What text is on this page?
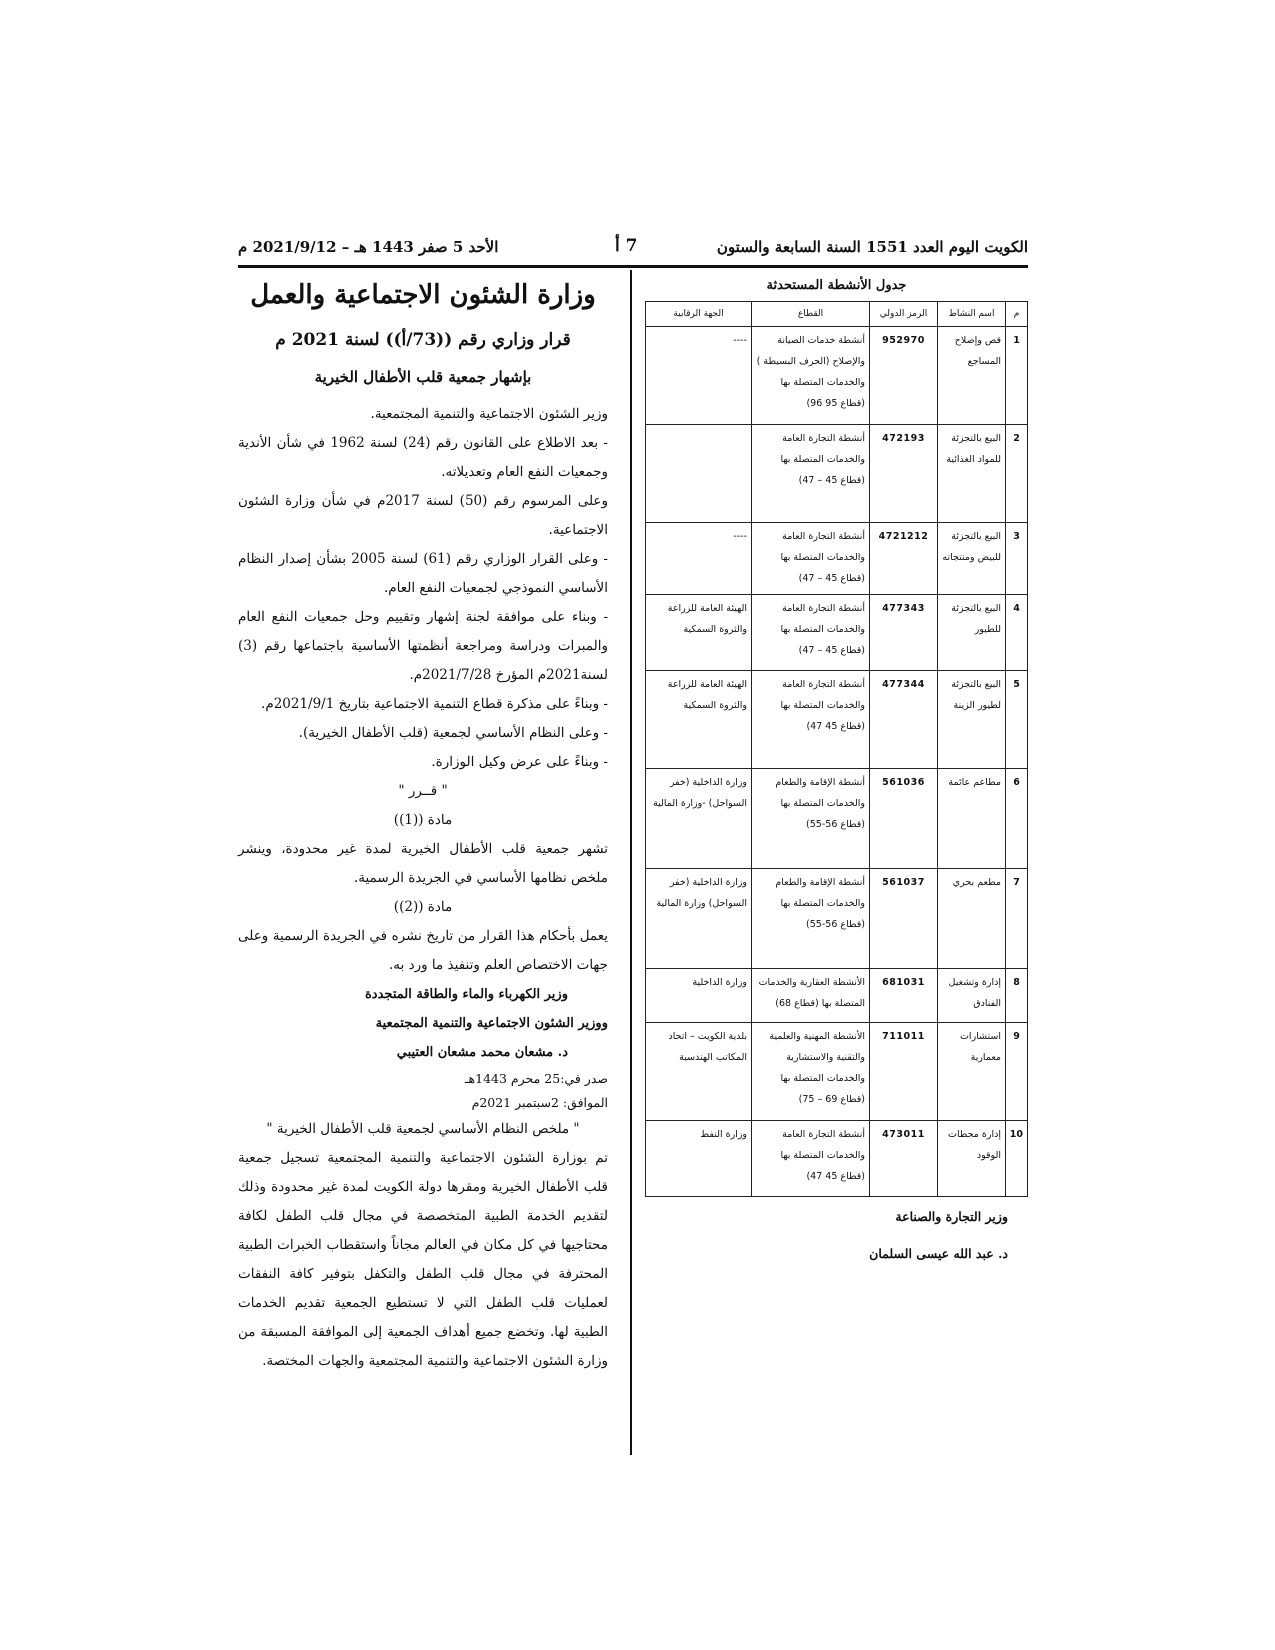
الكويت اليوم العدد 1551 السنة السابعة والستون
7 أ
الأحد 5 صفر 1443 هـ – 2021/9/12 م
جدول الأنشطة المستحدثة
م	اسم النشاط	الرمز الدولي	القطاع	الجهة الرقابية
1	قص وإصلاح المساجع	952970	أنشطة خدمات الصيانة والإصلاح (الحرف البسيطة ) والخدمات المتصلة بها (قطاع 95 96)	----
2	البيع بالتجزئة للمواد الغذائية	472193	أنشطة التجارة العامة والخدمات المتصلة بها (قطاع 45 – 47)	
3	البيع بالتجزئة للبيض ومنتجاته	4721212	أنشطة التجارة العامة والخدمات المتصلة بها (قطاع 45 – 47)	----
4	البيع بالتجزئة للطيور	477343	أنشطة التجارة العامة والخدمات المتصلة بها (قطاع 45 – 47)	الهيئة العامة للزراعة والثروة السمكية
5	البيع بالتجزئة لطيور الزينة	477344	أنشطة التجارة العامة والخدمات المتصلة بها (قطاع 45 47)	الهيئة العامة للزراعة والثروة السمكية
6	مطاعم عائمة	561036	أنشطة الإقامة والطعام والخدمات المتصلة بها (قطاع 56-55)	وزارة الداخلية (خفر السواحل) -وزارة المالية
7	مطعم بحري	561037	أنشطة الإقامة والطعام والخدمات المتصلة بها (قطاع 56-55)	وزارة الداخلية (خفر السواحل) وزارة المالية
8	إدارة وتشغيل الفنادق	681031	الأنشطة العقارية والخدمات المتصلة بها (قطاع 68)	وزارة الداخلية
9	استشارات معمارية	711011	الأنشطة المهنية والعلمية والتقنية والاستشارية والخدمات المتصلة بها (قطاع 69 – 75)	بلدية الكويت – اتحاد المكاتب الهندسية
10	إدارة محطات الوقود	473011	أنشطة التجارة العامة والخدمات المتصلة بها (قطاع 45 47)	وزارة النفط
وزير التجارة والصناعة
د. عبد الله عيسى السلمان
وزارة الشئون الاجتماعية والعمل
قرار وزاري رقم ((73/أ)) لسنة 2021 م
بإشهار جمعية قلب الأطفال الخيرية

وزير الشئون الاجتماعية والتنمية المجتمعية.

- بعد الاطلاع على القانون رقم (24) لسنة 1962 في شأن الأندية وجمعيات النفع العام وتعديلاته.

وعلى المرسوم رقم (50) لسنة 2017م في شأن وزارة الشئون الاجتماعية.

- وعلى القرار الوزاري رقم (61) لسنة 2005 بشأن إصدار النظام الأساسي النموذجي لجمعيات النفع العام.

- وبناء على موافقة لجنة إشهار وتقييم وحل جمعيات النفع العام والمبرات ودراسة ومراجعة أنظمتها الأساسية باجتماعها رقم (3) لسنة2021م المؤرخ 2021/7/28م.

- وبناءً على مذكرة قطاع التنمية الاجتماعية بتاريخ 2021/9/1م.

- وعلى النظام الأساسي لجمعية (قلب الأطفال الخيرية).

- وبناءً على عرض وكيل الوزارة.

" قــرر "

مادة ((1))

تشهر جمعية قلب الأطفال الخيرية لمدة غير محدودة، وينشر ملخص نظامها الأساسي في الجريدة الرسمية.

مادة ((2))

يعمل بأحكام هذا القرار من تاريخ نشره في الجريدة الرسمية وعلى جهات الاختصاص العلم وتنفيذ ما ورد به.

وزير الكهرباء والماء والطاقة المتجددة

ووزير الشئون الاجتماعية والتنمية المجتمعية

د. مشعان محمد مشعان العتيبي

صدر في:25 محرم 1443هـ

الموافق: 2سبتمبر 2021م

" ملخص النظام الأساسي لجمعية قلب الأطفال الخيرية "

تم بوزارة الشئون الاجتماعية والتنمية المجتمعية تسجيل جمعية قلب الأطفال الخيرية ومقرها دولة الكويت لمدة غير محدودة وذلك لتقديم الخدمة الطبية المتخصصة في مجال قلب الطفل لكافة محتاجيها في كل مكان في العالم مجاناً واستقطاب الخبرات الطبية المحترفة في مجال قلب الطفل والتكفل بتوفير كافة النفقات لعمليات قلب الطفل التي لا تستطيع الجمعية تقديم الخدمات الطبية لها. وتخضع جميع أهداف الجمعية إلى الموافقة المسبقة من وزارة الشئون الاجتماعية والتنمية المجتمعية والجهات المختصة.
